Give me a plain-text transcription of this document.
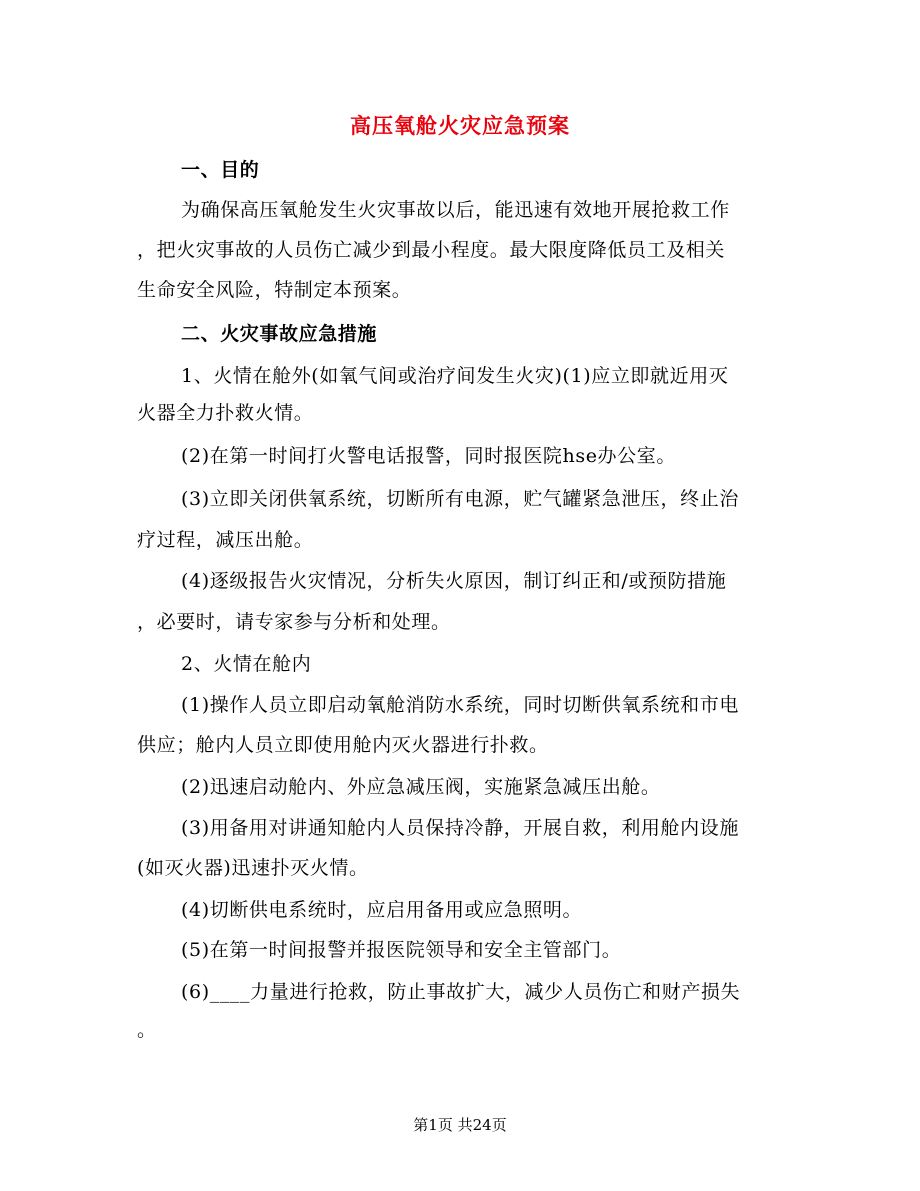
高压氧舱火灾应急预案
一、目的
为确保高压氧舱发生火灾事故以后，能迅速有效地开展抢救工作
，把火灾事故的人员伤亡减少到最小程度。最大限度降低员工及相关
生命安全风险，特制定本预案。
二、火灾事故应急措施
1、火情在舱外(如氧气间或治疗间发生火灾)(1)应立即就近用灭
火器全力扑救火情。
(2)在第一时间打火警电话报警，同时报医院hse办公室。
(3)立即关闭供氧系统，切断所有电源，贮气罐紧急泄压，终止治
疗过程，减压出舱。
(4)逐级报告火灾情况，分析失火原因，制订纠正和/或预防措施
，必要时，请专家参与分析和处理。
2、火情在舱内
(1)操作人员立即启动氧舱消防水系统，同时切断供氧系统和市电
供应；舱内人员立即使用舱内灭火器进行扑救。
(2)迅速启动舱内、外应急减压阀，实施紧急减压出舱。
(3)用备用对讲通知舱内人员保持冷静，开展自救，利用舱内设施
(如灭火器)迅速扑灭火情。
(4)切断供电系统时，应启用备用或应急照明。
(5)在第一时间报警并报医院领导和安全主管部门。
(6)____力量进行抢救，防止事故扩大，减少人员伤亡和财产损失
。
第1页 共24页
